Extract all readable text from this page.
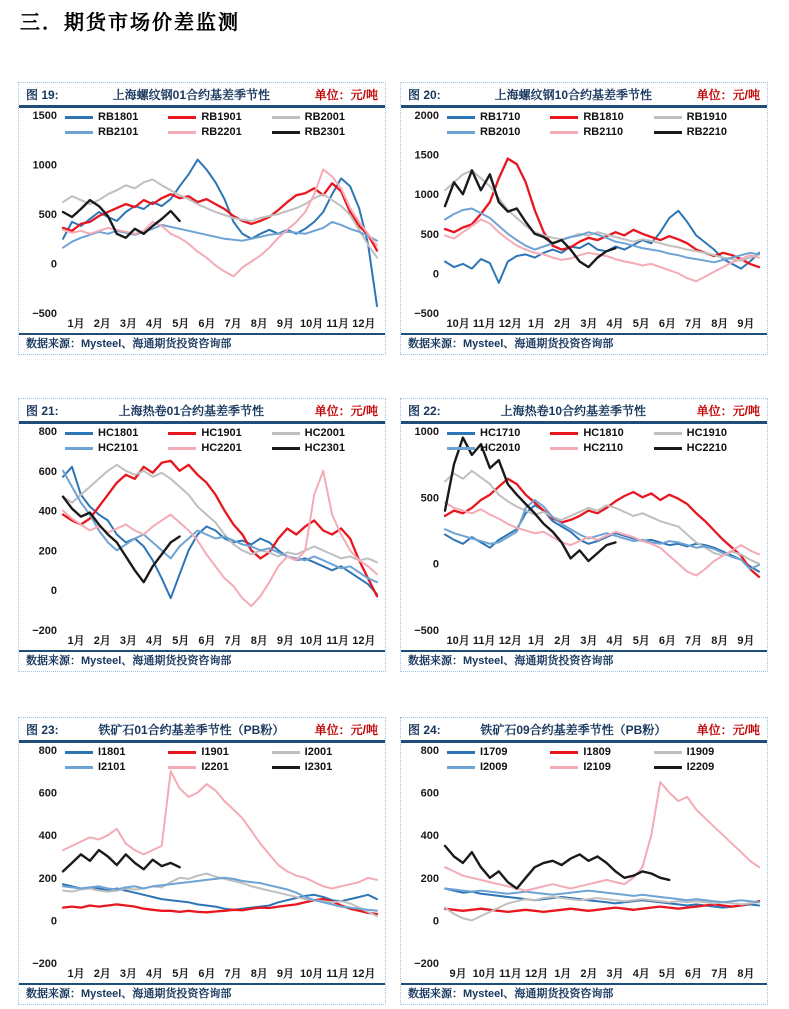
三．期货市场价差监测
图 19:	上海螺纹钢01合约基差季节性	单位：元/吨
1500
1000
500
0
−500
1月 2月 3月 4月 5月 6月 7月 8月 9月 10月 11月 12月
RB1801	RB1901	RB2001
RB2101	RB2201	RB2301
数据来源：Mysteel、海通期货投资咨询部
图 20:	上海螺纹钢10合约基差季节性	单位：元/吨
2000
1500
1000
500
0
−500
10月 11月 12月 1月 2月 3月 4月 5月 6月 7月 8月 9月
RB1710	RB1810	RB1910
RB2010	RB2110	RB2210
数据来源：Mysteel、海通期货投资咨询部
图 21:	上海热卷01合约基差季节性	单位：元/吨
800
600
400
200
0
−200
1月 2月 3月 4月 5月 6月 7月 8月 9月 10月 11月 12月
HC1801	HC1901	HC2001
HC2101	HC2201	HC2301
数据来源：Mysteel、海通期货投资咨询部
图 22:	上海热卷10合约基差季节性	单位：元/吨
1000
500
0
−500
10月 11月 12月 1月 2月 3月 4月 5月 6月 7月 8月 9月
HC1710	HC1810	HC1910
HC2010	HC2110	HC2210
数据来源：Mysteel、海通期货投资咨询部
图 23:	铁矿石01合约基差季节性（PB粉）	单位：元/吨
800
600
400
200
0
−200
1月 2月 3月 4月 5月 6月 7月 8月 9月 10月 11月 12月
I1801	I1901	I2001
I2101	I2201	I2301
数据来源：Mysteel、海通期货投资咨询部
图 24:	铁矿石09合约基差季节性（PB粉）	单位：元/吨
800
600
400
200
0
−200
9月 10月 11月 12月 1月 2月 3月 4月 5月 6月 7月 8月
I1709	I1809	I1909
I2009	I2109	I2209
数据来源：Mysteel、海通期货投资咨询部
